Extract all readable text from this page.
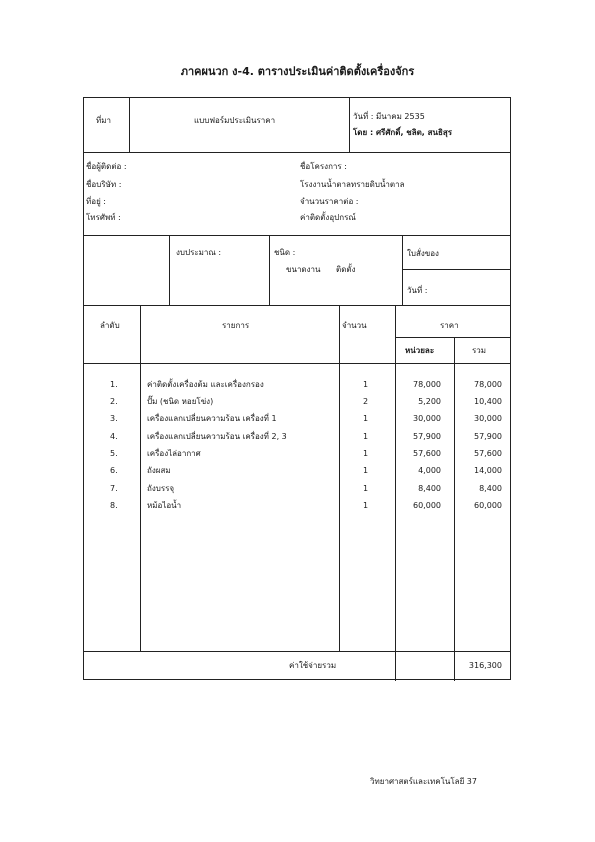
ภาคผนวก ง-4. ตารางประเมินค่าติดตั้งเครื่องจักร
ที่มา	แบบฟอร์มประเมินราคา	วันที่ : มีนาคม 2535
โดย : ศรีศักดิ์, ชลิต, สนธิสุร
ชื่อผู้ติดต่อ :
ชื่อบริษัท :
ที่อยู่ :
โทรศัพท์ :
ชื่อโครงการ :
โรงงานน้ำตาลทรายดิบน้ำตาล
จำนวนราคาต่อ :
ค่าติดตั้งอุปกรณ์
งบประมาณ :	ชนิด :
ขนาดงาน ติดตั้ง
ใบสั่งของ
วันที่ :
ลำดับ	รายการ	จำนวน	ราคา
หน่วยละ	รวม
1.	ค่าติดตั้งเครื่องต้ม และเครื่องกรอง	1	78,000	78,000
2.	ปั๊ม (ชนิด หอยโข่ง)	2	5,200	10,400
3.	เครื่องแลกเปลี่ยนความร้อน เครื่องที่ 1	1	30,000	30,000
4.	เครื่องแลกเปลี่ยนความร้อน เครื่องที่ 2, 3	1	57,900	57,900
5.	เครื่องไล่อากาศ	1	57,600	57,600
6.	ถังผสม	1	4,000	14,000
7.	ถังบรรจุ	1	8,400	8,400
8.	หม้อไอน้ำ	1	60,000	60,000
ค่าใช้จ่ายรวม	316,300
วิทยาศาสตร์และเทคโนโลยี 37
